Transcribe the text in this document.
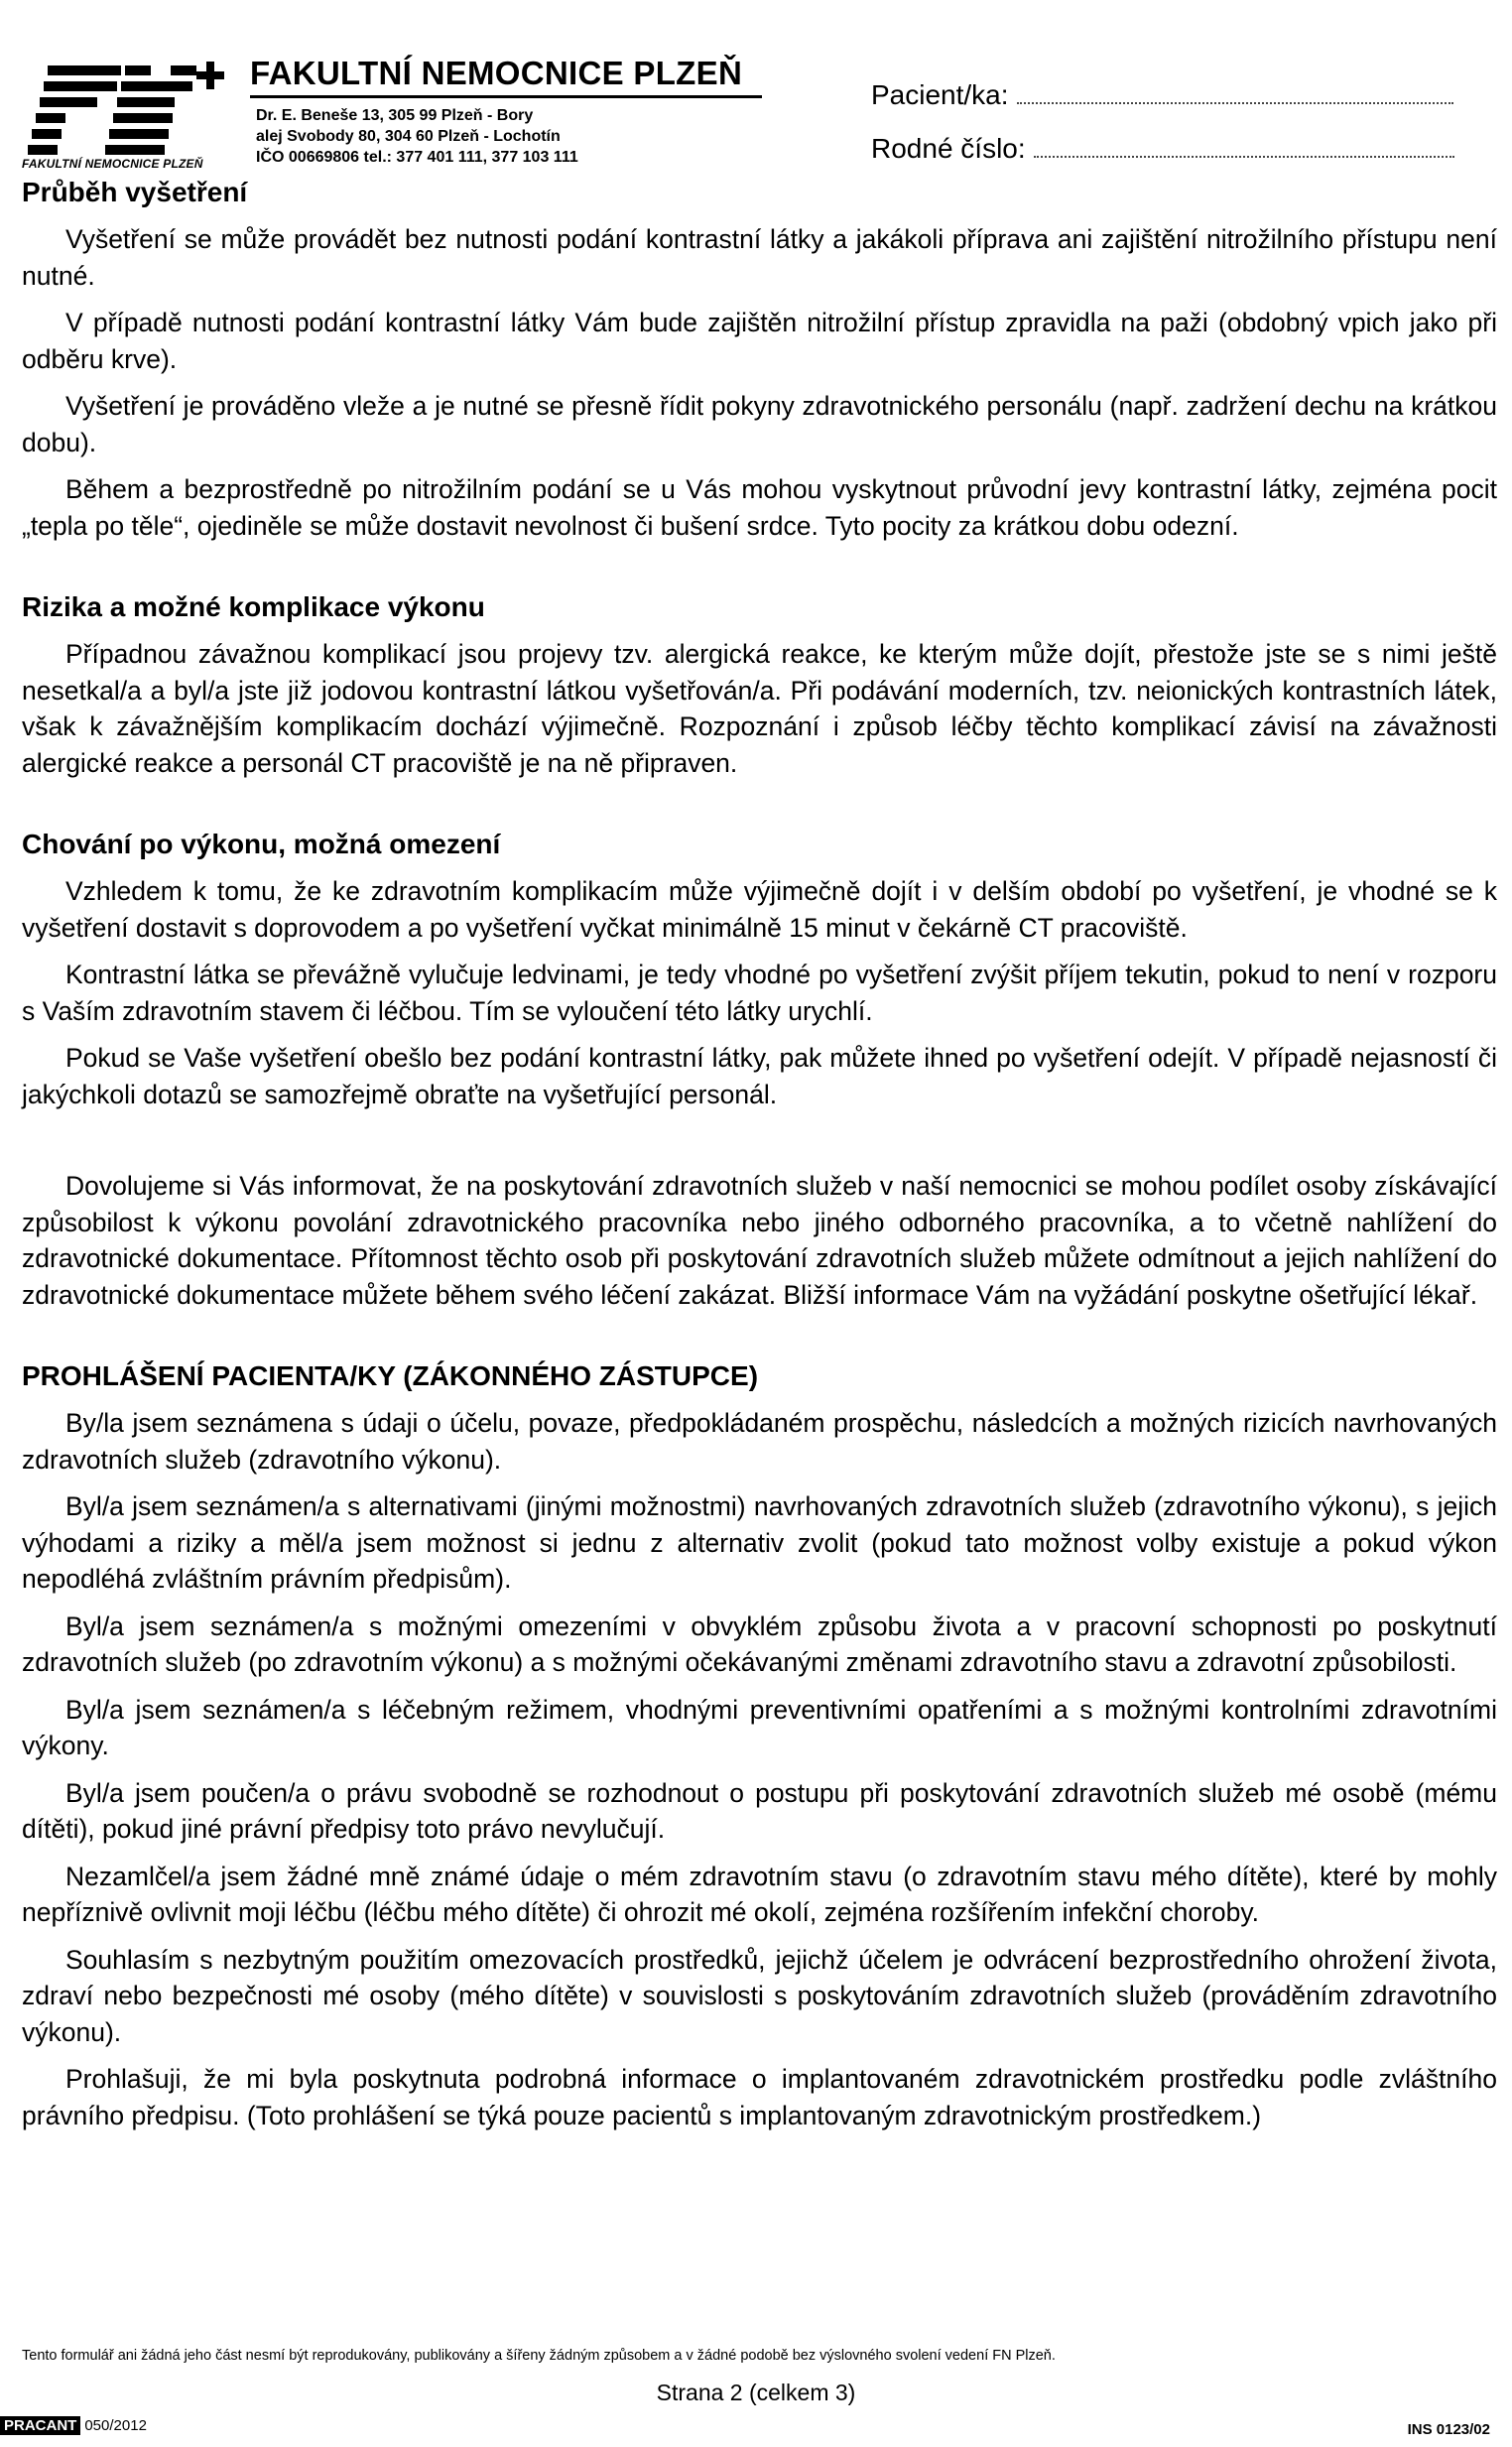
FAKULTNÍ NEMOCNICE PLZEŇ
FAKULTNÍ NEMOCNICE PLZEŇ
Dr. E. Beneše 13, 305 99 Plzeň - Bory
alej Svobody 80, 304 60 Plzeň - Lochotín
IČO 00669806 tel.: 377 401 111, 377 103 111
Pacient/ka:
Rodné číslo:
Průběh vyšetření

Vyšetření se může provádět bez nutnosti podání kontrastní látky a jakákoli příprava ani zajištění nitrožilního přístupu není nutné.

V případě nutnosti podání kontrastní látky Vám bude zajištěn nitrožilní přístup zpravidla na paži (obdobný vpich jako při odběru krve).

Vyšetření je prováděno vleže a je nutné se přesně řídit pokyny zdravotnického personálu (např. zadržení dechu na krátkou dobu).

Během a bezprostředně po nitrožilním podání se u Vás mohou vyskytnout průvodní jevy kontrastní látky, zejména pocit „tepla po těle“, ojediněle se může dostavit nevolnost či bušení srdce. Tyto pocity za krátkou dobu odezní.

Rizika a možné komplikace výkonu

Případnou závažnou komplikací jsou projevy tzv. alergická reakce, ke kterým může dojít, přestože jste se s nimi ještě nesetkal/a a byl/a jste již jodovou kontrastní látkou vyšetřován/a. Při podávání moderních, tzv. neionických kontrastních látek, však k závažnějším komplikacím dochází výjimečně. Rozpoznání i způsob léčby těchto komplikací závisí na závažnosti alergické reakce a personál CT pracoviště je na ně připraven.

Chování po výkonu, možná omezení

Vzhledem k tomu, že ke zdravotním komplikacím může výjimečně dojít i v delším období po vyšetření, je vhodné se k vyšetření dostavit s doprovodem a po vyšetření vyčkat minimálně 15 minut v čekárně CT pracoviště.

Kontrastní látka se převážně vylučuje ledvinami, je tedy vhodné po vyšetření zvýšit příjem tekutin, pokud to není v rozporu s Vaším zdravotním stavem či léčbou. Tím se vyloučení této látky urychlí.

Pokud se Vaše vyšetření obešlo bez podání kontrastní látky, pak můžete ihned po vyšetření odejít. V případě nejasností či jakýchkoli dotazů se samozřejmě obraťte na vyšetřující personál.

Dovolujeme si Vás informovat, že na poskytování zdravotních služeb v naší nemocnici se mohou podílet osoby získávající způsobilost k výkonu povolání zdravotnického pracovníka nebo jiného odborného pracovníka, a to včetně nahlížení do zdravotnické dokumentace. Přítomnost těchto osob při poskytování zdravotních služeb můžete odmítnout a jejich nahlížení do zdravotnické dokumentace můžete během svého léčení zakázat. Bližší informace Vám na vyžádání poskytne ošetřující lékař.

PROHLÁŠENÍ PACIENTA/KY (ZÁKONNÉHO ZÁSTUPCE)

By/la jsem seznámena s údaji o účelu, povaze, předpokládaném prospěchu, následcích a možných rizicích navrhovaných zdravotních služeb (zdravotního výkonu).

Byl/a jsem seznámen/a s alternativami (jinými možnostmi) navrhovaných zdravotních služeb (zdravotního výkonu), s jejich výhodami a riziky a měl/a jsem možnost si jednu z alternativ zvolit (pokud tato možnost volby existuje a pokud výkon nepodléhá zvláštním právním předpisům).

Byl/a jsem seznámen/a s možnými omezeními v obvyklém způsobu života a v pracovní schopnosti po poskytnutí zdravotních služeb (po zdravotním výkonu) a s možnými očekávanými změnami zdravotního stavu a zdravotní způsobilosti.

Byl/a jsem seznámen/a s léčebným režimem, vhodnými preventivními opatřeními a s možnými kontrolními zdravotními výkony.

Byl/a jsem poučen/a o právu svobodně se rozhodnout o postupu při poskytování zdravotních služeb mé osobě (mému dítěti), pokud jiné právní předpisy toto právo nevylučují.

Nezamlčel/a jsem žádné mně známé údaje o mém zdravotním stavu (o zdravotním stavu mého dítěte), které by mohly nepříznivě ovlivnit moji léčbu (léčbu mého dítěte) či ohrozit mé okolí, zejména rozšířením infekční choroby.

Souhlasím s nezbytným použitím omezovacích prostředků, jejichž účelem je odvrácení bezprostředního ohrožení života, zdraví nebo bezpečnosti mé osoby (mého dítěte) v souvislosti s poskytováním zdravotních služeb (prováděním zdravotního výkonu).

Prohlašuji, že mi byla poskytnuta podrobná informace o implantovaném zdravotnickém prostředku podle zvláštního právního předpisu. (Toto prohlášení se týká pouze pacientů s implantovaným zdravotnickým prostředkem.)

Tento formulář ani žádná jeho část nesmí být reprodukovány, publikovány a šířeny žádným způsobem a v žádné podobě bez výslovného svolení vedení FN Plzeň.
Strana 2 (celkem 3)
PRACANT 050/2012	INS 0123/02
